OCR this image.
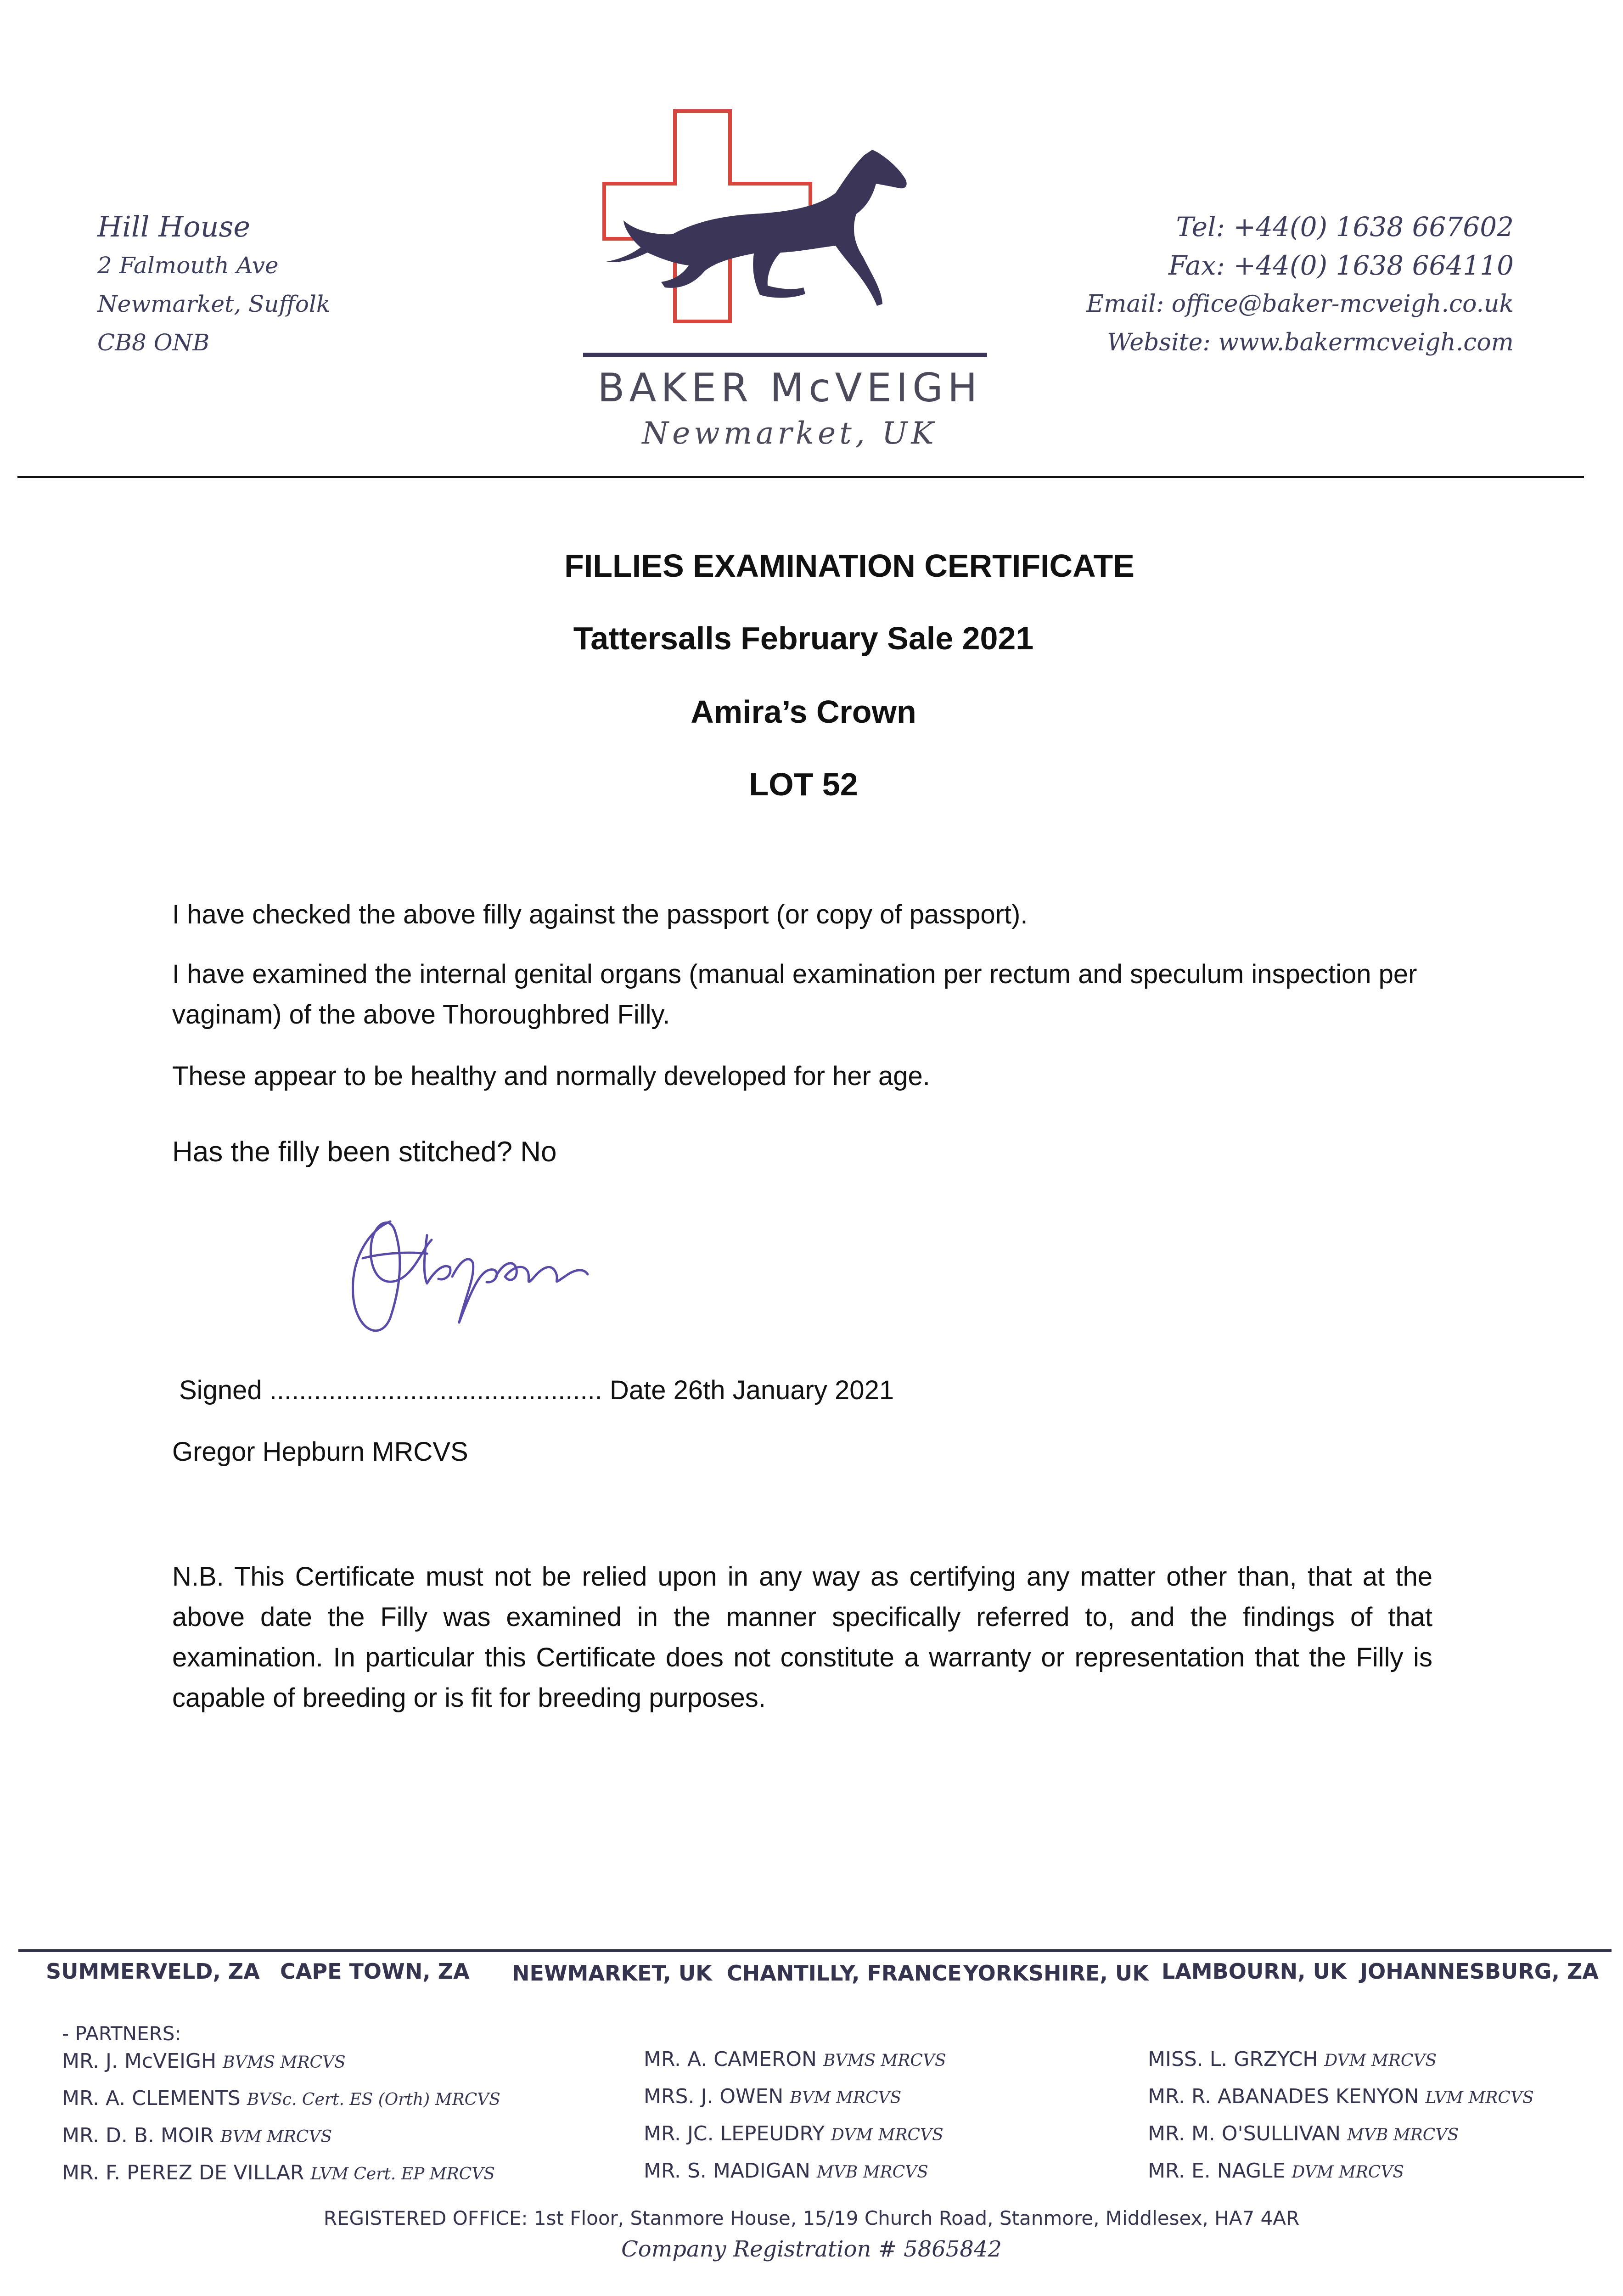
Hill House
2 Falmouth Ave
Newmarket, Suffolk
CB8 ONB
BAKER McVEIGH
Newmarket, UK
Tel: +44(0) 1638 667602
Fax: +44(0) 1638 664110
Email: office@baker-mcveigh.co.uk
Website: www.bakermcveigh.com
FILLIES EXAMINATION CERTIFICATE
Tattersalls February Sale 2021
Amira’s Crown
LOT 52
I have checked the above filly against the passport (or copy of passport).
I have examined the internal genital organs (manual examination per rectum and speculum inspection per vaginam) of the above Thoroughbred Filly.
These appear to be healthy and normally developed for her age.
Has the filly been stitched? No
Signed ............................................. Date 26th January 2021
Gregor Hepburn MRCVS
N.B. This Certificate must not be relied upon in any way as certifying any matter other than, that at the above date the Filly was examined in the manner specifically referred to, and the findings of that examination. In particular this Certificate does not constitute a warranty or representation that the Filly is capable of breeding or is fit for breeding purposes.
SUMMERVELD, ZA CAPE TOWN, ZA NEWMARKET, UK CHANTILLY, FRANCE YORKSHIRE, UK LAMBOURN, UK JOHANNESBURG, ZA
- PARTNERS:
MR. J. McVEIGH BVMS MRCVS
MR. A. CLEMENTS BVSc. Cert. ES (Orth) MRCVS
MR. D. B. MOIR BVM MRCVS
MR. F. PEREZ DE VILLAR LVM Cert. EP MRCVS
MR. A. CAMERON BVMS MRCVS
MRS. J. OWEN BVM MRCVS
MR. JC. LEPEUDRY DVM MRCVS
MR. S. MADIGAN MVB MRCVS
MISS. L. GRZYCH DVM MRCVS
MR. R. ABANADES KENYON LVM MRCVS
MR. M. O'SULLIVAN MVB MRCVS
MR. E. NAGLE DVM MRCVS
REGISTERED OFFICE: 1st Floor, Stanmore House, 15/19 Church Road, Stanmore, Middlesex, HA7 4AR
Company Registration # 5865842
